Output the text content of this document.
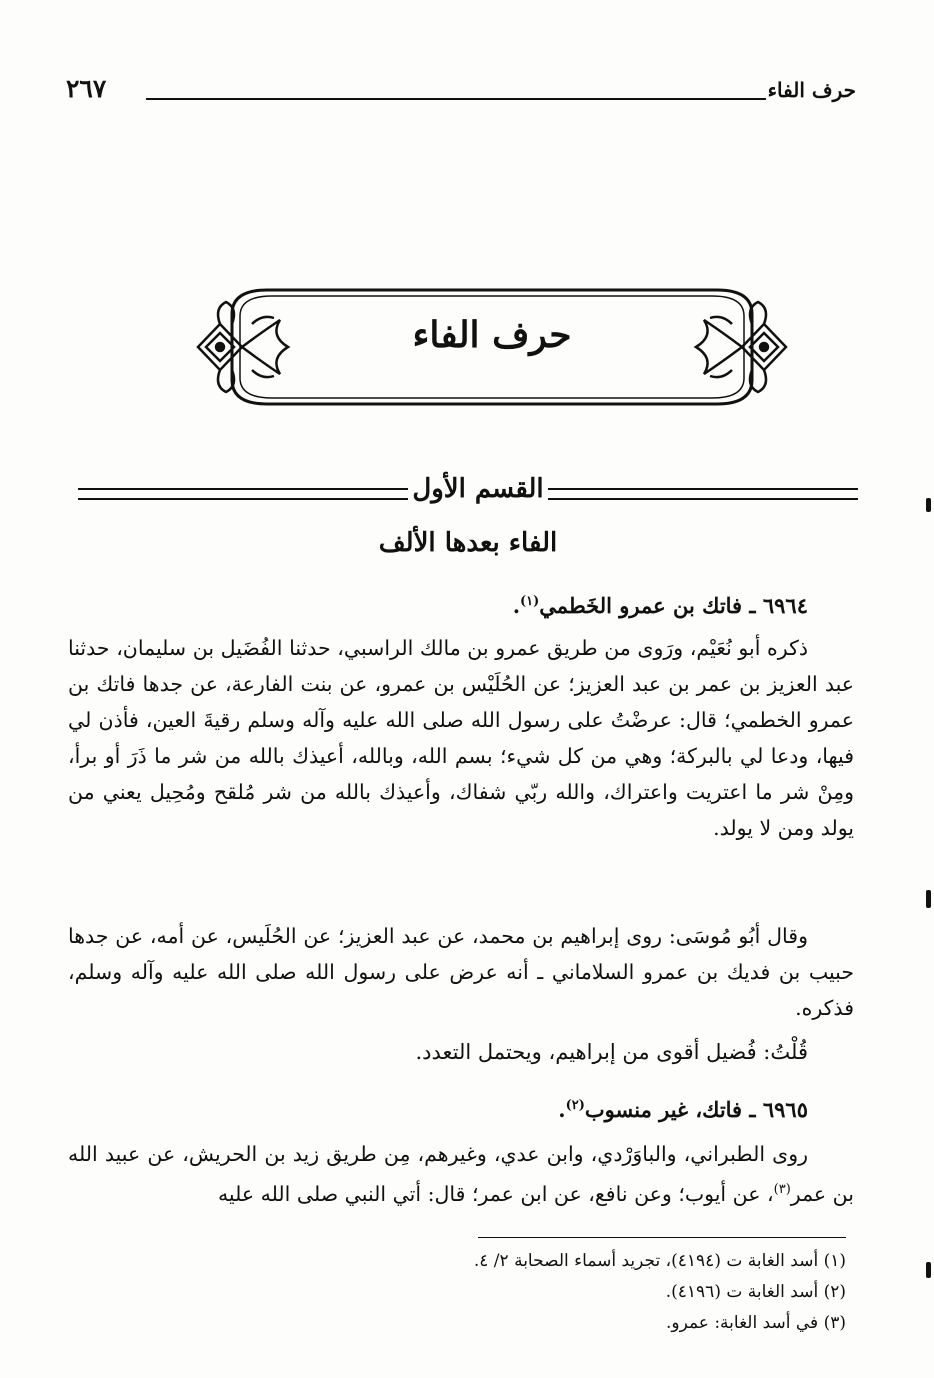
حرف الفاء
٢٦٧
حرف الفاء
القسم الأول
الفاء بعدها الألف

٦٩٦٤ ـ فاتك بن عمرو الخَطمي$^{(١)}$.

ذكره أبو نُعَيْم، ورَوى من طريق عمرو بن مالك الراسبي، حدثنا الفُضَيل بن سليمان، حدثنا عبد العزيز بن عمر بن عبد العزيز؛ عن الحُلَيْس بن عمرو، عن بنت الفارعة، عن جدها فاتك بن عمرو الخطمي؛ قال: عرضْتُ على رسول الله صلى الله عليه وآله وسلم رقيةَ العين، فأذن لي فيها، ودعا لي بالبركة؛ وهي من كل شيء؛ بسم الله، وبالله، أعيذك بالله من شر ما ذَرَ أو برأ، ومِنْ شر ما اعتريت واعتراك، والله ربّي شفاك، وأعيذك بالله من شر مُلقح ومُحِيل يعني من يولد ومن لا يولد.

وقال أبُو مُوسَى: روى إبراهيم بن محمد، عن عبد العزيز؛ عن الحُلَيس، عن أمه، عن جدها حبيب بن فديك بن عمرو السلاماني ـ أنه عرض على رسول الله صلى الله عليه وآله وسلم، فذكره.

قُلْتُ: فُضيل أقوى من إبراهيم، ويحتمل التعدد.

٦٩٦٥ ـ فاتك، غير منسوب$^{(٢)}$.

روى الطبراني، والباوَرْدي، وابن عدي، وغيرهم، مِن طريق زيد بن الحريش، عن عبيد الله بن عمر$^{(٣)}$، عن أيوب؛ وعن نافع، عن ابن عمر؛ قال: أتي النبي صلى الله عليه

(١) أسد الغابة ت (٤١٩٤)، تجريد أسماء الصحابة ٢/ ٤.
(٢) أسد الغابة ت (٤١٩٦).
(٣) في أسد الغابة: عمرو.
